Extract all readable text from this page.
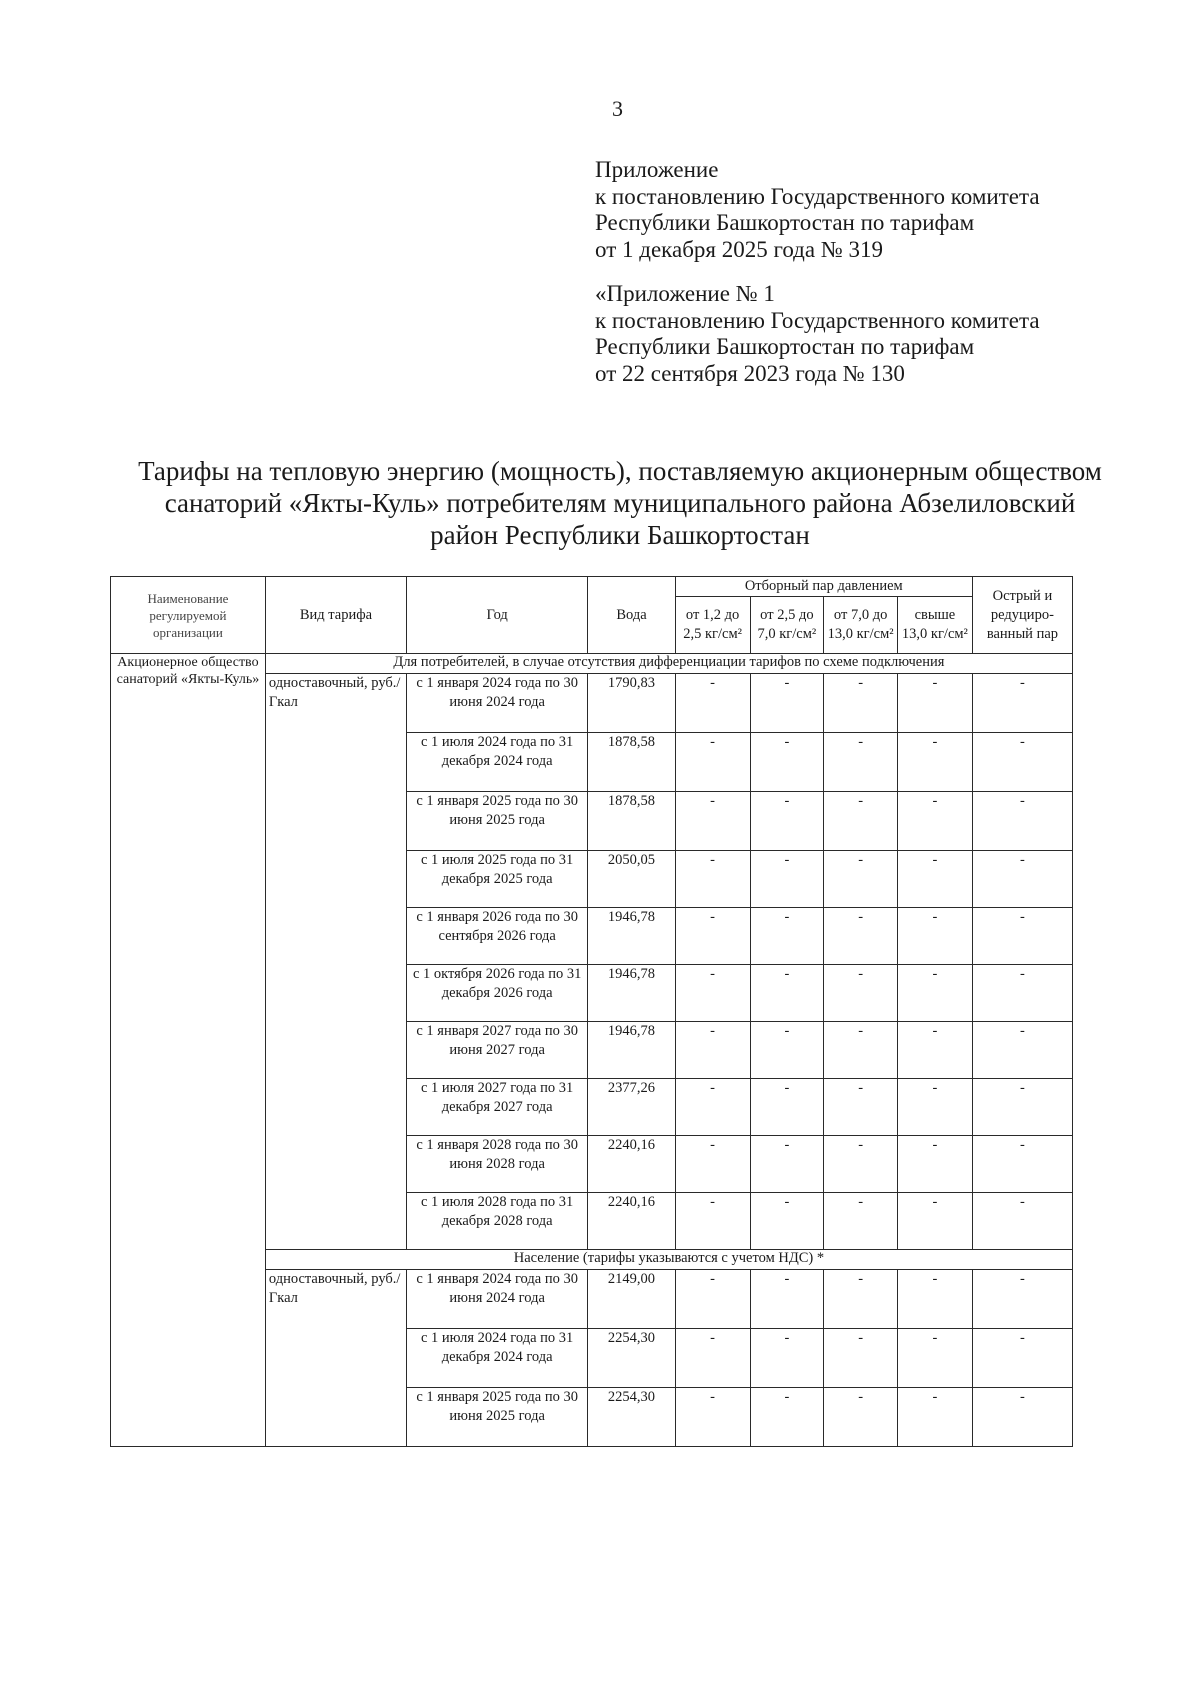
3
Приложение
к постановлению Государственного комитета
Республики Башкортостан по тарифам
от 1 декабря 2025 года № 319
«Приложение № 1
к постановлению Государственного комитета
Республики Башкортостан по тарифам
от 22 сентября 2023 года № 130
Тарифы на тепловую энергию (мощность), поставляемую акционерным обществом
санаторий «Якты-Куль» потребителям муниципального района Абзелиловский
район Республики Башкортостан
Наименование регулируемой организации	Вид тарифа	Год	Вода	Отборный пар давлением				Острый и редуциро-ванный пар
				от 1,2 до 2,5 кг/см²	от 2,5 до 7,0 кг/см²	от 7,0 до 13,0 кг/см²	свыше 13,0 кг/см²	
Акционерное общество санаторий «Якты-Куль»	Для потребителей, в случае отсутствия дифференциации тарифов по схеме подключения							
	одноставочный, руб./Гкал	с 1 января 2024 года по 30 июня 2024 года	1790,83	-	-	-	-	-
		с 1 июля 2024 года по 31 декабря 2024 года	1878,58	-	-	-	-	-
		с 1 января 2025 года по 30 июня 2025 года	1878,58	-	-	-	-	-
		с 1 июля 2025 года по 31 декабря 2025 года	2050,05	-	-	-	-	-
		с 1 января 2026 года по 30 сентября 2026 года	1946,78	-	-	-	-	-
		с 1 октября 2026 года по 31 декабря 2026 года	1946,78	-	-	-	-	-
		с 1 января 2027 года по 30 июня 2027 года	1946,78	-	-	-	-	-
		с 1 июля 2027 года по 31 декабря 2027 года	2377,26	-	-	-	-	-
		с 1 января 2028 года по 30 июня 2028 года	2240,16	-	-	-	-	-
		с 1 июля 2028 года по 31 декабря 2028 года	2240,16	-	-	-	-	-
	Население (тарифы указываются с учетом НДС) *							
	одноставочный, руб./Гкал	с 1 января 2024 года по 30 июня 2024 года	2149,00	-	-	-	-	-
		с 1 июля 2024 года по 31 декабря 2024 года	2254,30	-	-	-	-	-
		с 1 января 2025 года по 30 июня 2025 года	2254,30	-	-	-	-	-
